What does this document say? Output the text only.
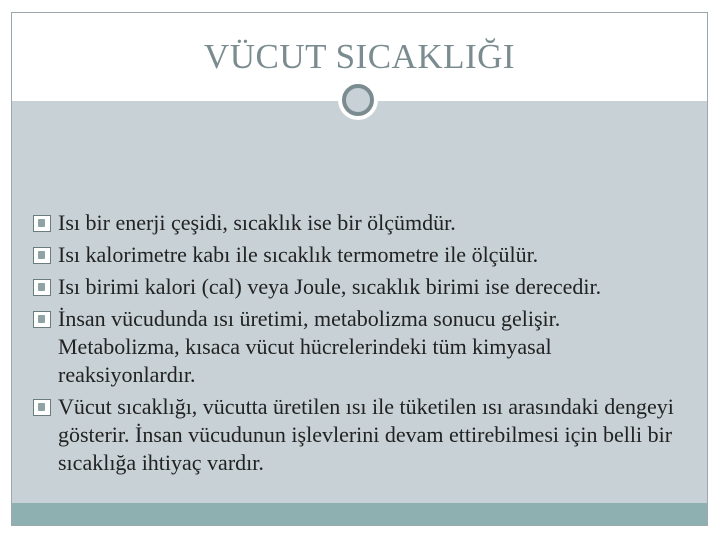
VÜCUT SICAKLIĞI
Isı bir enerji çeşidi, sıcaklık ise bir ölçümdür.
Isı kalorimetre kabı ile sıcaklık termometre ile ölçülür.
Isı birimi kalori (cal) veya Joule, sıcaklık birimi ise derecedir.
İnsan vücudunda ısı üretimi, metabolizma sonucu gelişir. Metabolizma, kısaca vücut hücrelerindeki tüm kimyasal reaksiyonlardır.
Vücut sıcaklığı, vücutta üretilen ısı ile tüketilen ısı arasındaki dengeyi gösterir. İnsan vücudunun işlevlerini devam ettirebilmesi için belli bir sıcaklığa ihtiyaç vardır.
